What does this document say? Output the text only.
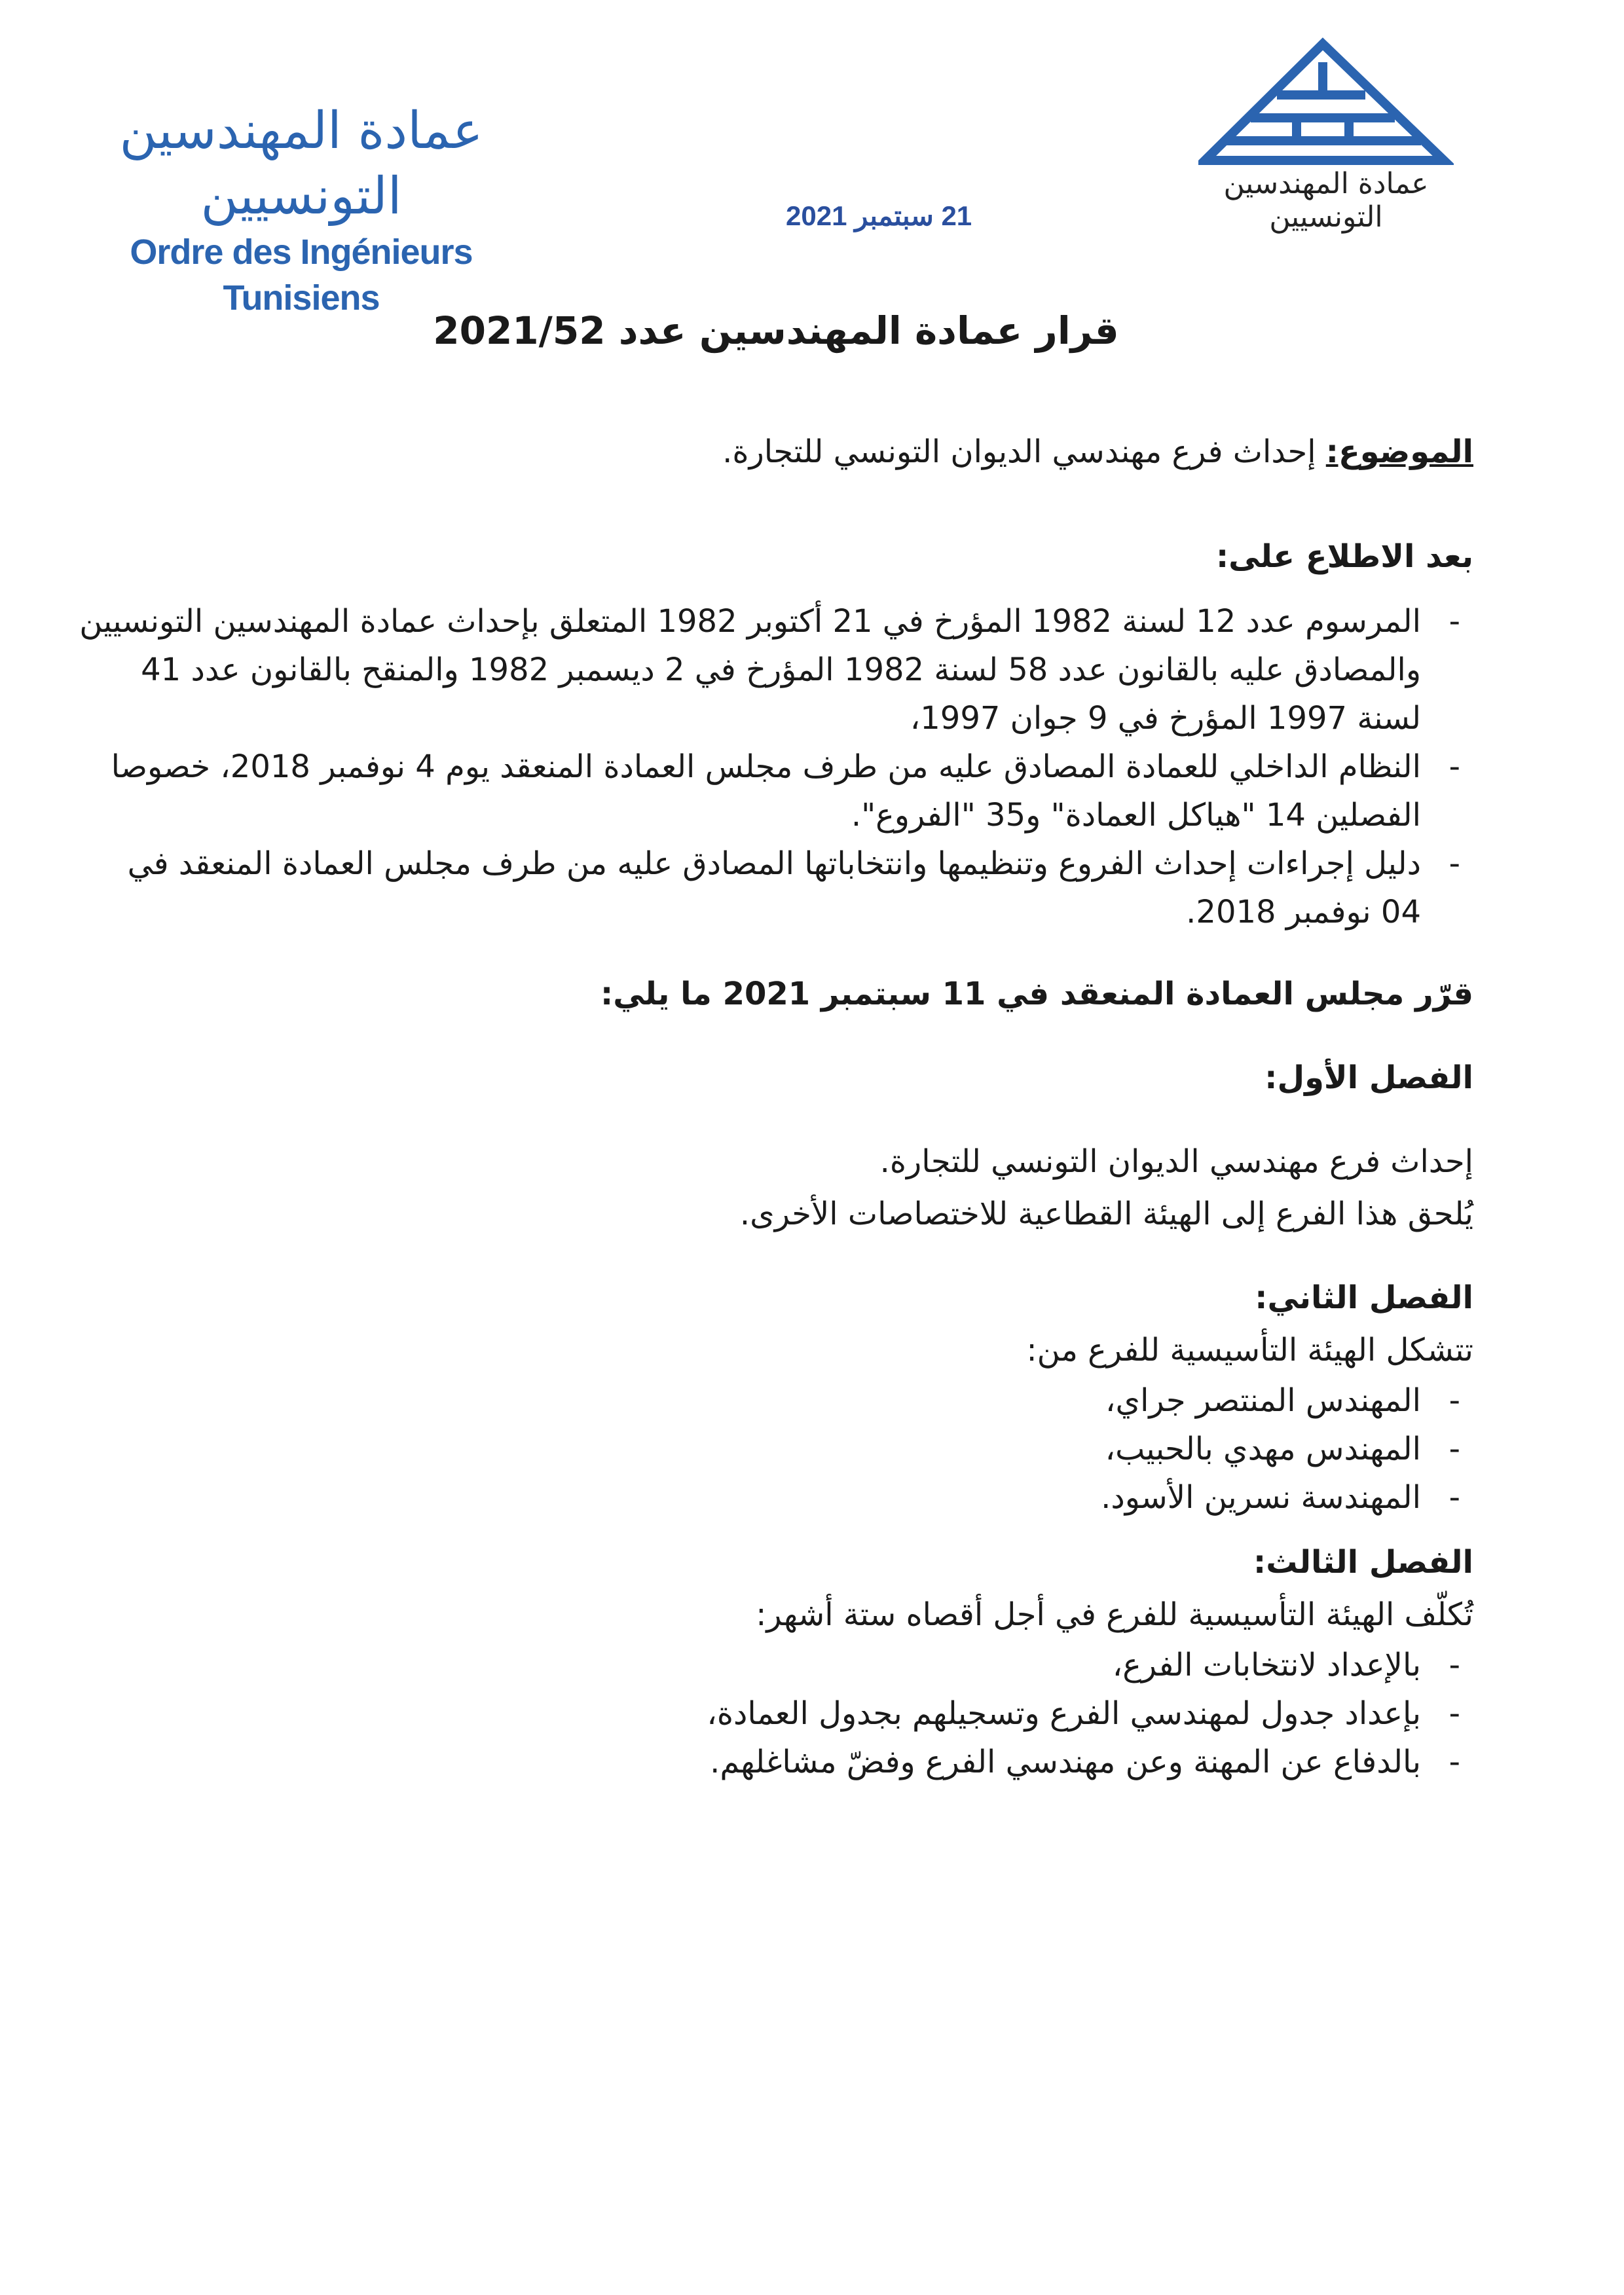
عمادة المهندسين التونسيين
عمادة المهندسين التونسيين
Ordre des Ingénieurs Tunisiens
21 سبتمبر 2021
قرار عمادة المهندسين عدد 2021/52
الموضوع: إحداث فرع مهندسي الديوان التونسي للتجارة.
بعد الاطلاع على:
- المرسوم عدد 12 لسنة 1982 المؤرخ في 21 أكتوبر 1982 المتعلق بإحداث عمادة المهندسين التونسيين والمصادق عليه بالقانون عدد 58 لسنة 1982 المؤرخ في 2 ديسمبر 1982 والمنقح بالقانون عدد 41 لسنة 1997 المؤرخ في 9 جوان 1997،
- النظام الداخلي للعمادة المصادق عليه من طرف مجلس العمادة المنعقد يوم 4 نوفمبر 2018، خصوصا الفصلين 14 "هياكل العمادة" و35 "الفروع".
- دليل إجراءات إحداث الفروع وتنظيمها وانتخاباتها المصادق عليه من طرف مجلس العمادة المنعقد في 04 نوفمبر 2018.
قرّر مجلس العمادة المنعقد في 11 سبتمبر 2021 ما يلي:
الفصل الأول:
إحداث فرع مهندسي الديوان التونسي للتجارة.
يُلحق هذا الفرع إلى الهيئة القطاعية للاختصاصات الأخرى.
الفصل الثاني:
تتشكل الهيئة التأسيسية للفرع من:
- المهندس المنتصر جراي،
- المهندس مهدي بالحبيب،
- المهندسة نسرين الأسود.
الفصل الثالث:
تُكلّف الهيئة التأسيسية للفرع في أجل أقصاه ستة أشهر:
- بالإعداد لانتخابات الفرع،
- بإعداد جدول لمهندسي الفرع وتسجيلهم بجدول العمادة،
- بالدفاع عن المهنة وعن مهندسي الفرع وفضّ مشاغلهم.
